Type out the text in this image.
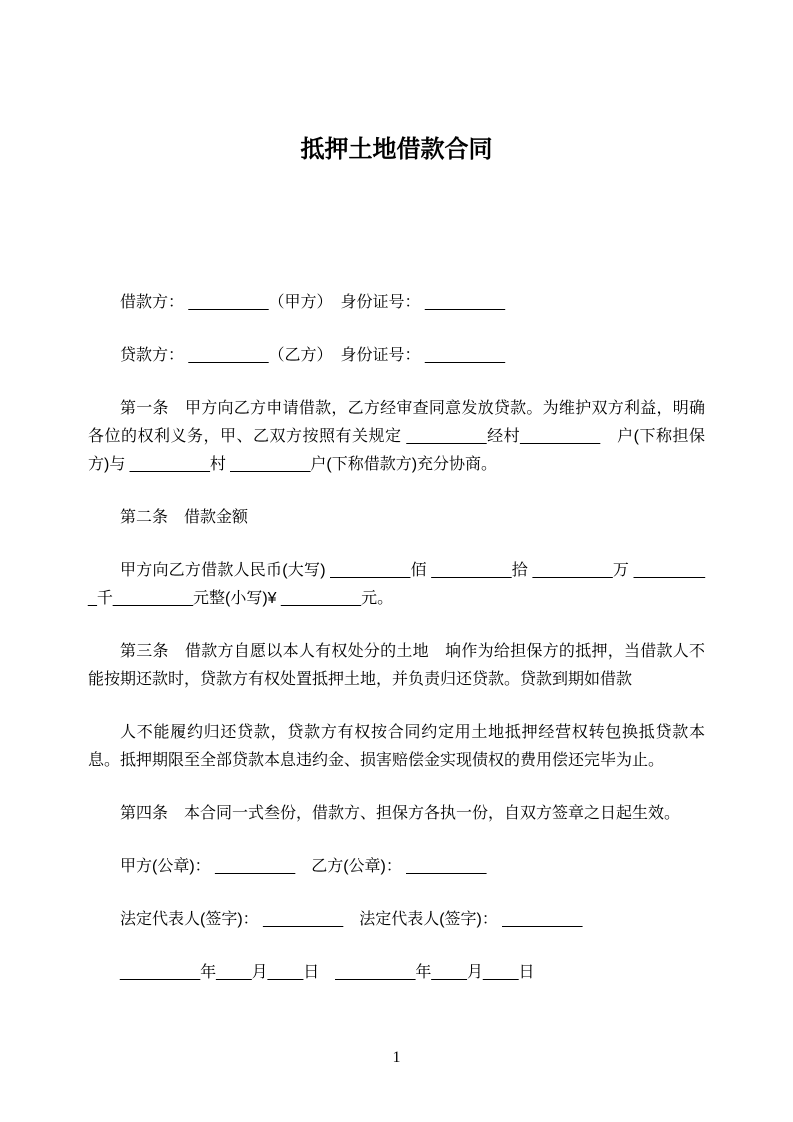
抵押土地借款合同

借款方： _________（甲方）　身份证号： _________

贷款方： _________（乙方）　身份证号： _________

第一条　甲方向乙方申请借款，乙方经审查同意发放贷款。为维护双方利益，明确各位的权利义务，甲、乙双方按照有关规定 _________经村_________　户(下称担保方)与 _________村 _________户(下称借款方)充分协商。

第二条　借款金额

甲方向乙方借款人民币(大写) _________佰 _________拾 _________万 _________千_________元整(小写)¥ _________元。

第三条　借款方自愿以本人有权处分的土地　垧作为给担保方的抵押，当借款人不能按期还款时，贷款方有权处置抵押土地，并负责归还贷款。贷款到期如借款

人不能履约归还贷款，贷款方有权按合同约定用土地抵押经营权转包换抵贷款本息。抵押期限至全部贷款本息违约金、损害赔偿金实现债权的费用偿还完毕为止。

第四条　本合同一式叁份，借款方、担保方各执一份，自双方签章之日起生效。

甲方(公章)： _________　乙方(公章)： _________

法定代表人(签字)： _________　法定代表人(签字)： _________

_________年____月____日　_________年____月____日

1
